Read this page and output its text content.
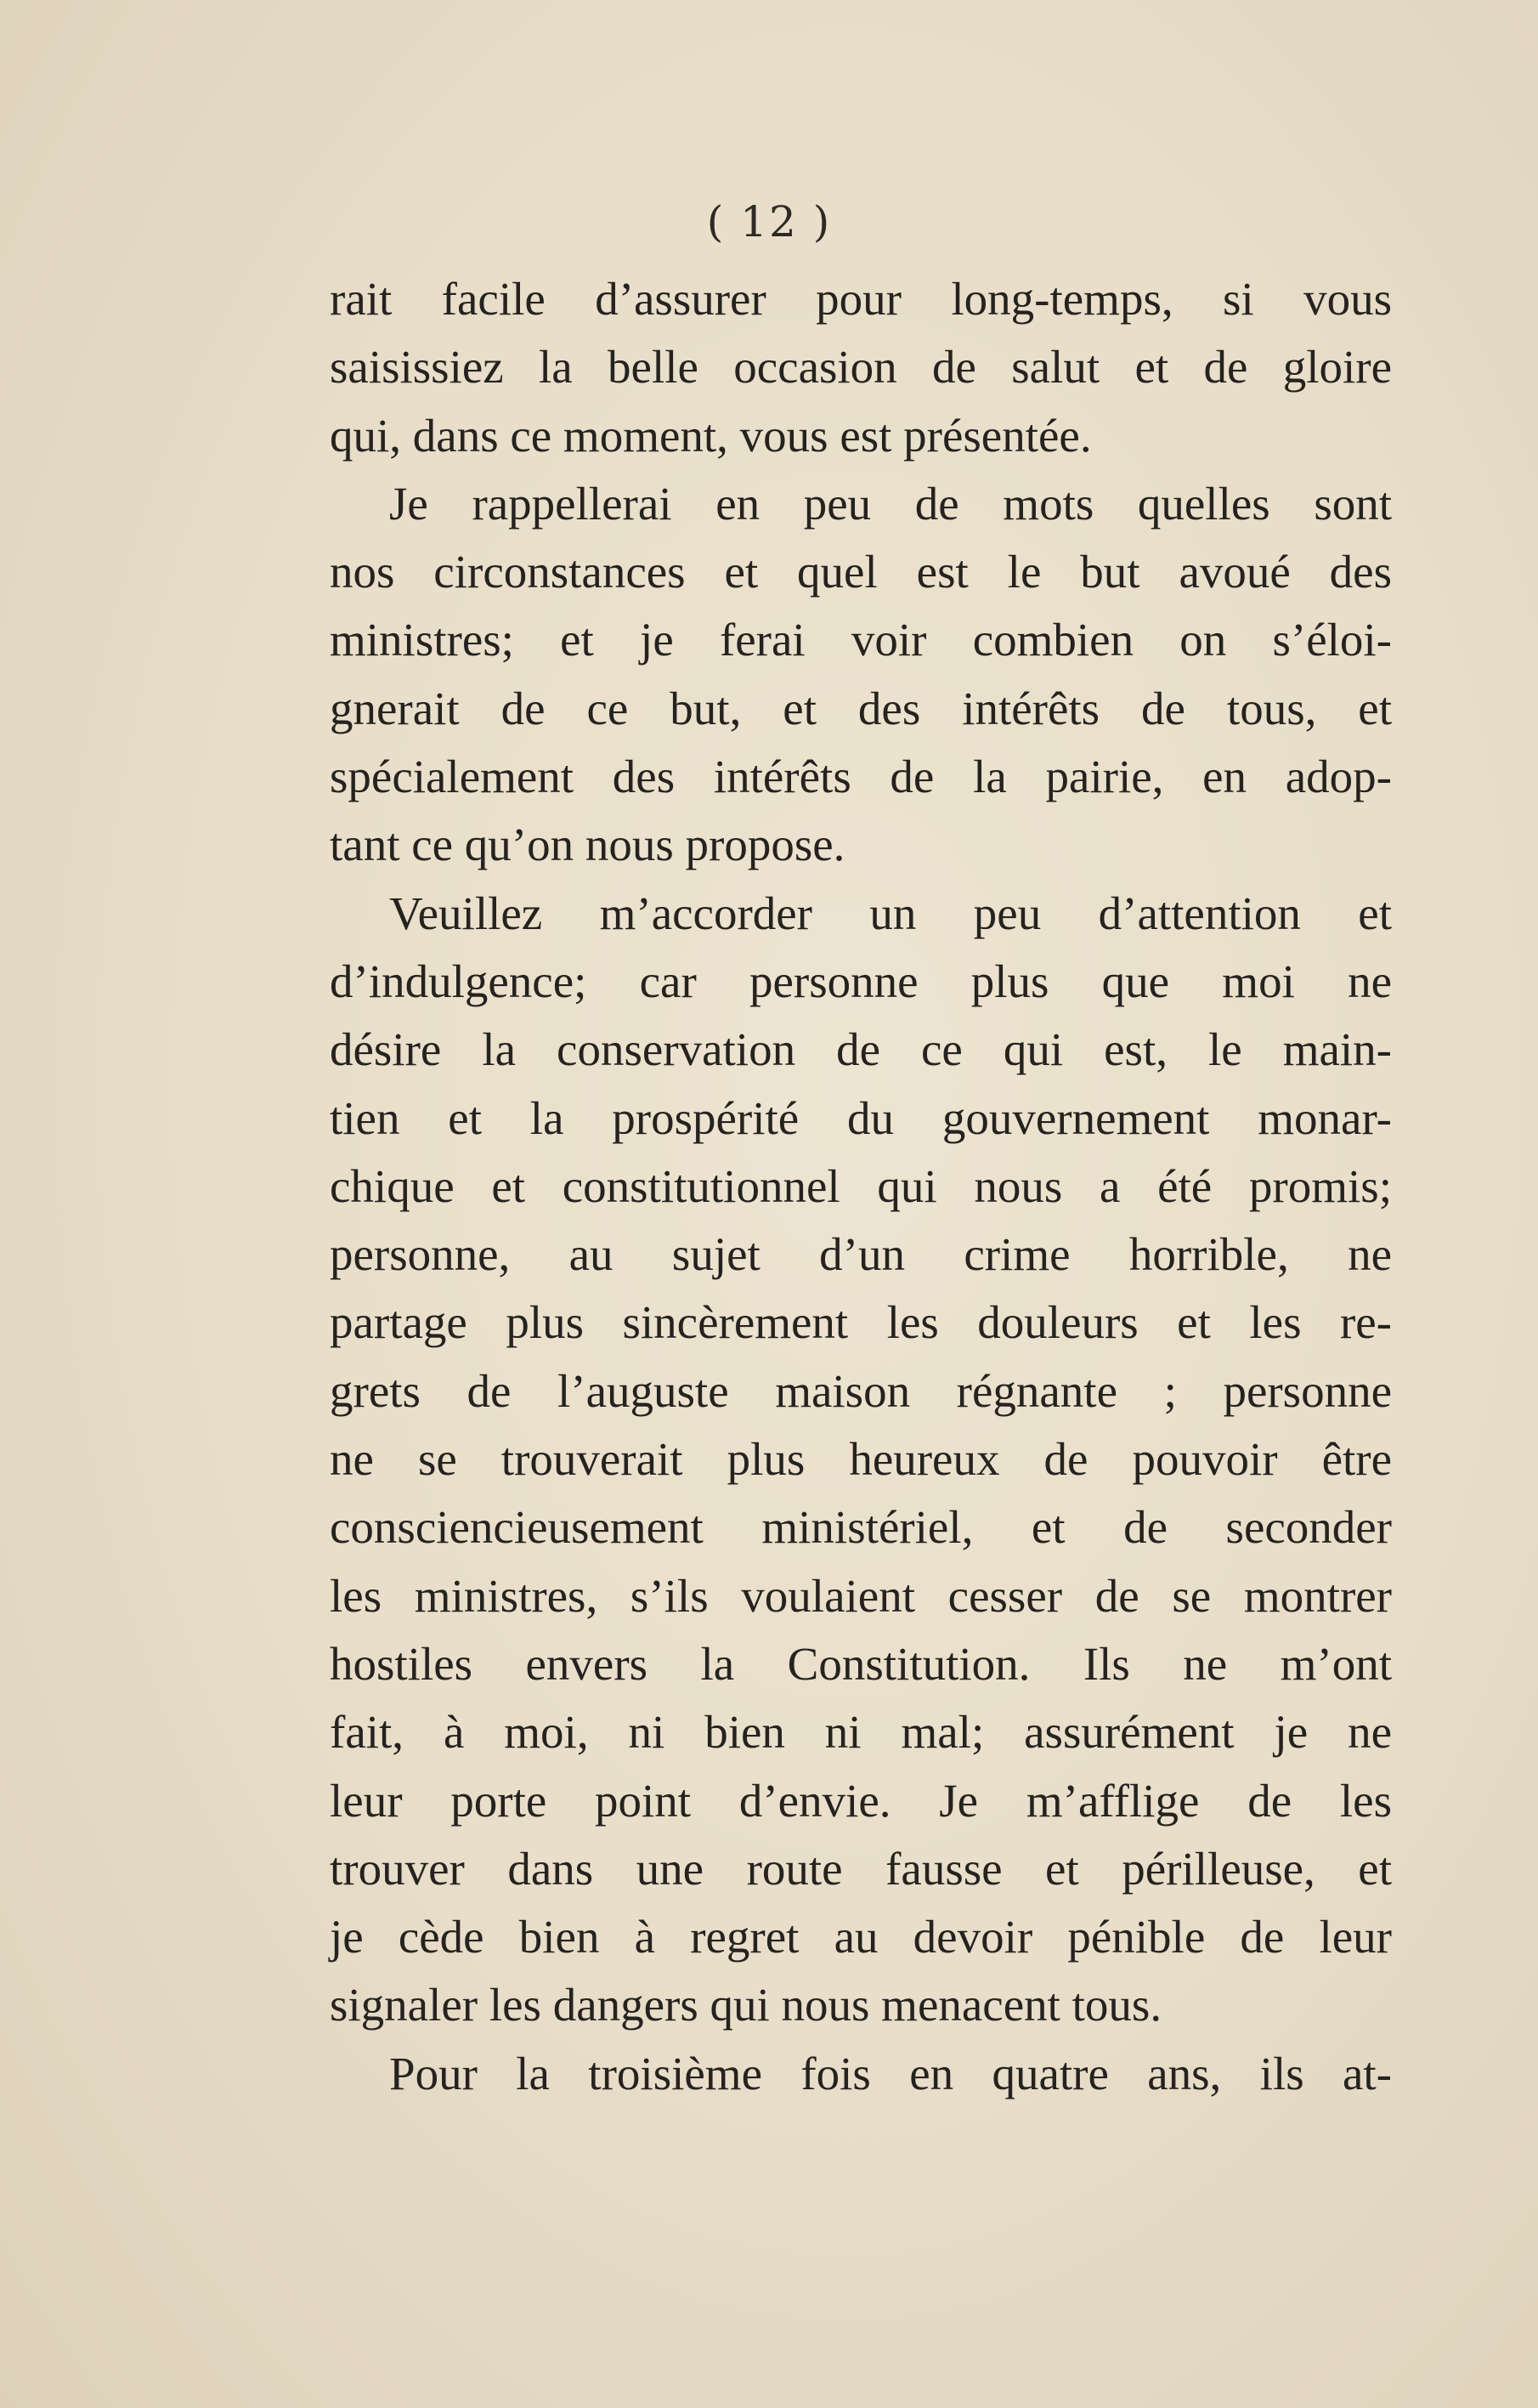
( 12 )
rait facile d’assurer pour long-temps, si vous
saisissiez la belle occasion de salut et de gloire
qui, dans ce moment, vous est présentée.
Je rappellerai en peu de mots quelles sont
nos circonstances et quel est le but avoué des
ministres; et je ferai voir combien on s’éloi-
gnerait de ce but, et des intérêts de tous, et
spécialement des intérêts de la pairie, en adop-
tant ce qu’on nous propose.
Veuillez m’accorder un peu d’attention et
d’indulgence; car personne plus que moi ne
désire la conservation de ce qui est, le main-
tien et la prospérité du gouvernement monar-
chique et constitutionnel qui nous a été promis;
personne, au sujet d’un crime horrible, ne
partage plus sincèrement les douleurs et les re-
grets de l’auguste maison régnante ; personne
ne se trouverait plus heureux de pouvoir être
consciencieusement ministériel, et de seconder
les ministres, s’ils voulaient cesser de se montrer
hostiles envers la Constitution. Ils ne m’ont
fait, à moi, ni bien ni mal; assurément je ne
leur porte point d’envie. Je m’afflige de les
trouver dans une route fausse et périlleuse, et
je cède bien à regret au devoir pénible de leur
signaler les dangers qui nous menacent tous.
Pour la troisième fois en quatre ans, ils at-
